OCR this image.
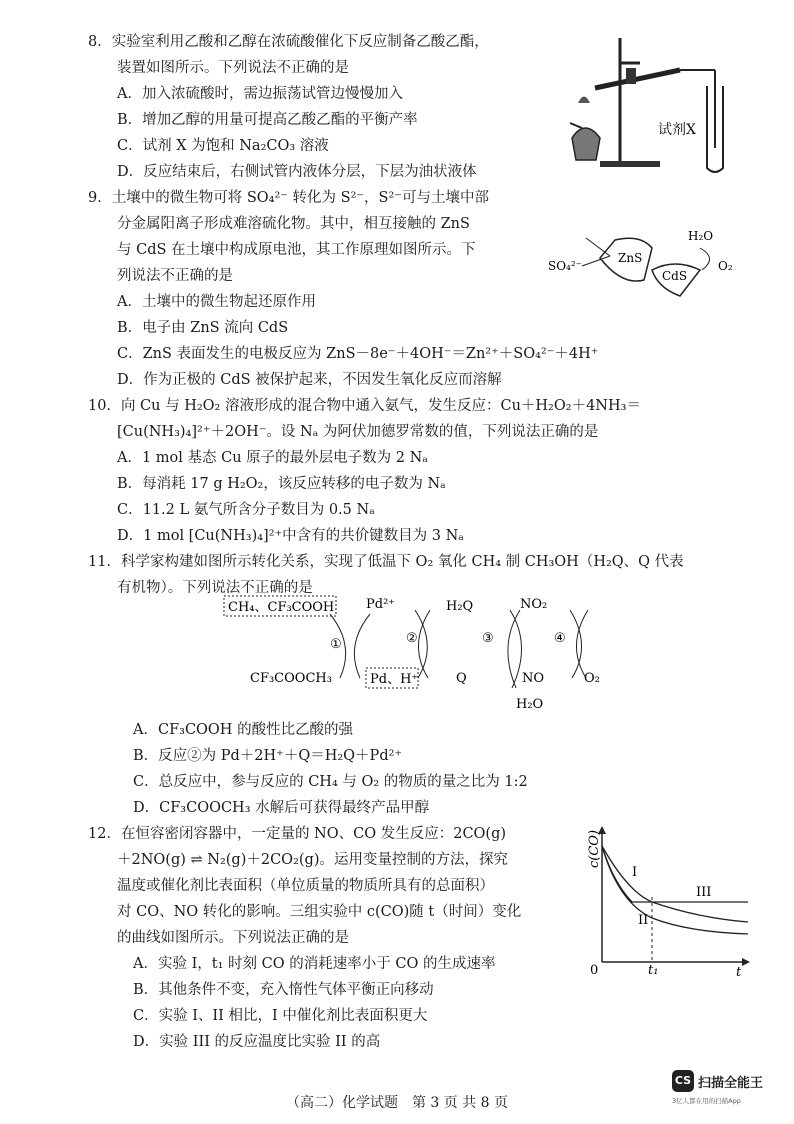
8．实验室利用乙酸和乙醇在浓硫酸催化下反应制备乙酸乙酯，
装置如图所示。下列说法不正确的是
A．加入浓硫酸时，需边振荡试管边慢慢加入
B．增加乙醇的用量可提高乙酸乙酯的平衡产率
C．试剂 X 为饱和 Na₂CO₃ 溶液
D．反应结束后，右侧试管内液体分层，下层为油状液体
试剂X
9．土壤中的微生物可将 SO₄²⁻ 转化为 S²⁻，S²⁻可与土壤中部
分金属阳离子形成难溶硫化物。其中，相互接触的 ZnS
与 CdS 在土壤中构成原电池，其工作原理如图所示。下
列说法不正确的是
A．土壤中的微生物起还原作用
B．电子由 ZnS 流向 CdS
C．ZnS 表面发生的电极反应为 ZnS－8e⁻＋4OH⁻＝Zn²⁺＋SO₄²⁻＋4H⁺
D．作为正极的 CdS 被保护起来，不因发生氧化反应而溶解
SO₄²⁻
ZnS
CdS
H₂O
O₂
10．向 Cu 与 H₂O₂ 溶液形成的混合物中通入氨气，发生反应：Cu＋H₂O₂＋4NH₃＝
[Cu(NH₃)₄]²⁺＋2OH⁻。设 Nₐ 为阿伏加德罗常数的值，下列说法正确的是
A．1 mol 基态 Cu 原子的最外层电子数为 2 Nₐ
B．每消耗 17 g H₂O₂，该反应转移的电子数为 Nₐ
C．11.2 L 氨气所含分子数目为 0.5 Nₐ
D．1 mol [Cu(NH₃)₄]²⁺中含有的共价键数目为 3 Nₐ
11．科学家构建如图所示转化关系，实现了低温下 O₂ 氧化 CH₄ 制 CH₃OH（H₂Q、Q 代表
有机物）。下列说法不正确的是
CH₄、CF₃COOH Pd²⁺	H₂Q	NO₂
①	②	③	④
CF₃COOCH₃	Pd、H⁺	Q	NO	O₂
H₂O
A．CF₃COOH 的酸性比乙酸的强
B．反应②为 Pd＋2H⁺＋Q＝H₂Q＋Pd²⁺
C．总反应中，参与反应的 CH₄ 与 O₂ 的物质的量之比为 1:2
D．CF₃COOCH₃ 水解后可获得最终产品甲醇
12．在恒容密闭容器中，一定量的 NO、CO 发生反应：2CO(g)
＋2NO(g) ⇌ N₂(g)＋2CO₂(g)。运用变量控制的方法，探究
温度或催化剂比表面积（单位质量的物质所具有的总面积）
对 CO、NO 转化的影响。三组实验中 c(CO)随 t（时间）变化
的曲线如图所示。下列说法正确的是
A．实验 I，t₁ 时刻 CO 的消耗速率小于 CO 的生成速率
B．其他条件不变，充入惰性气体平衡正向移动
C．实验 I、II 相比，I 中催化剂比表面积更大
D．实验 III 的反应温度比实验 II 的高
c(CO)
t
0	t₁
I
II
III
（高二）化学试题　第 3 页 共 8 页
CS 扫描全能王
3亿人都在用的扫描App
